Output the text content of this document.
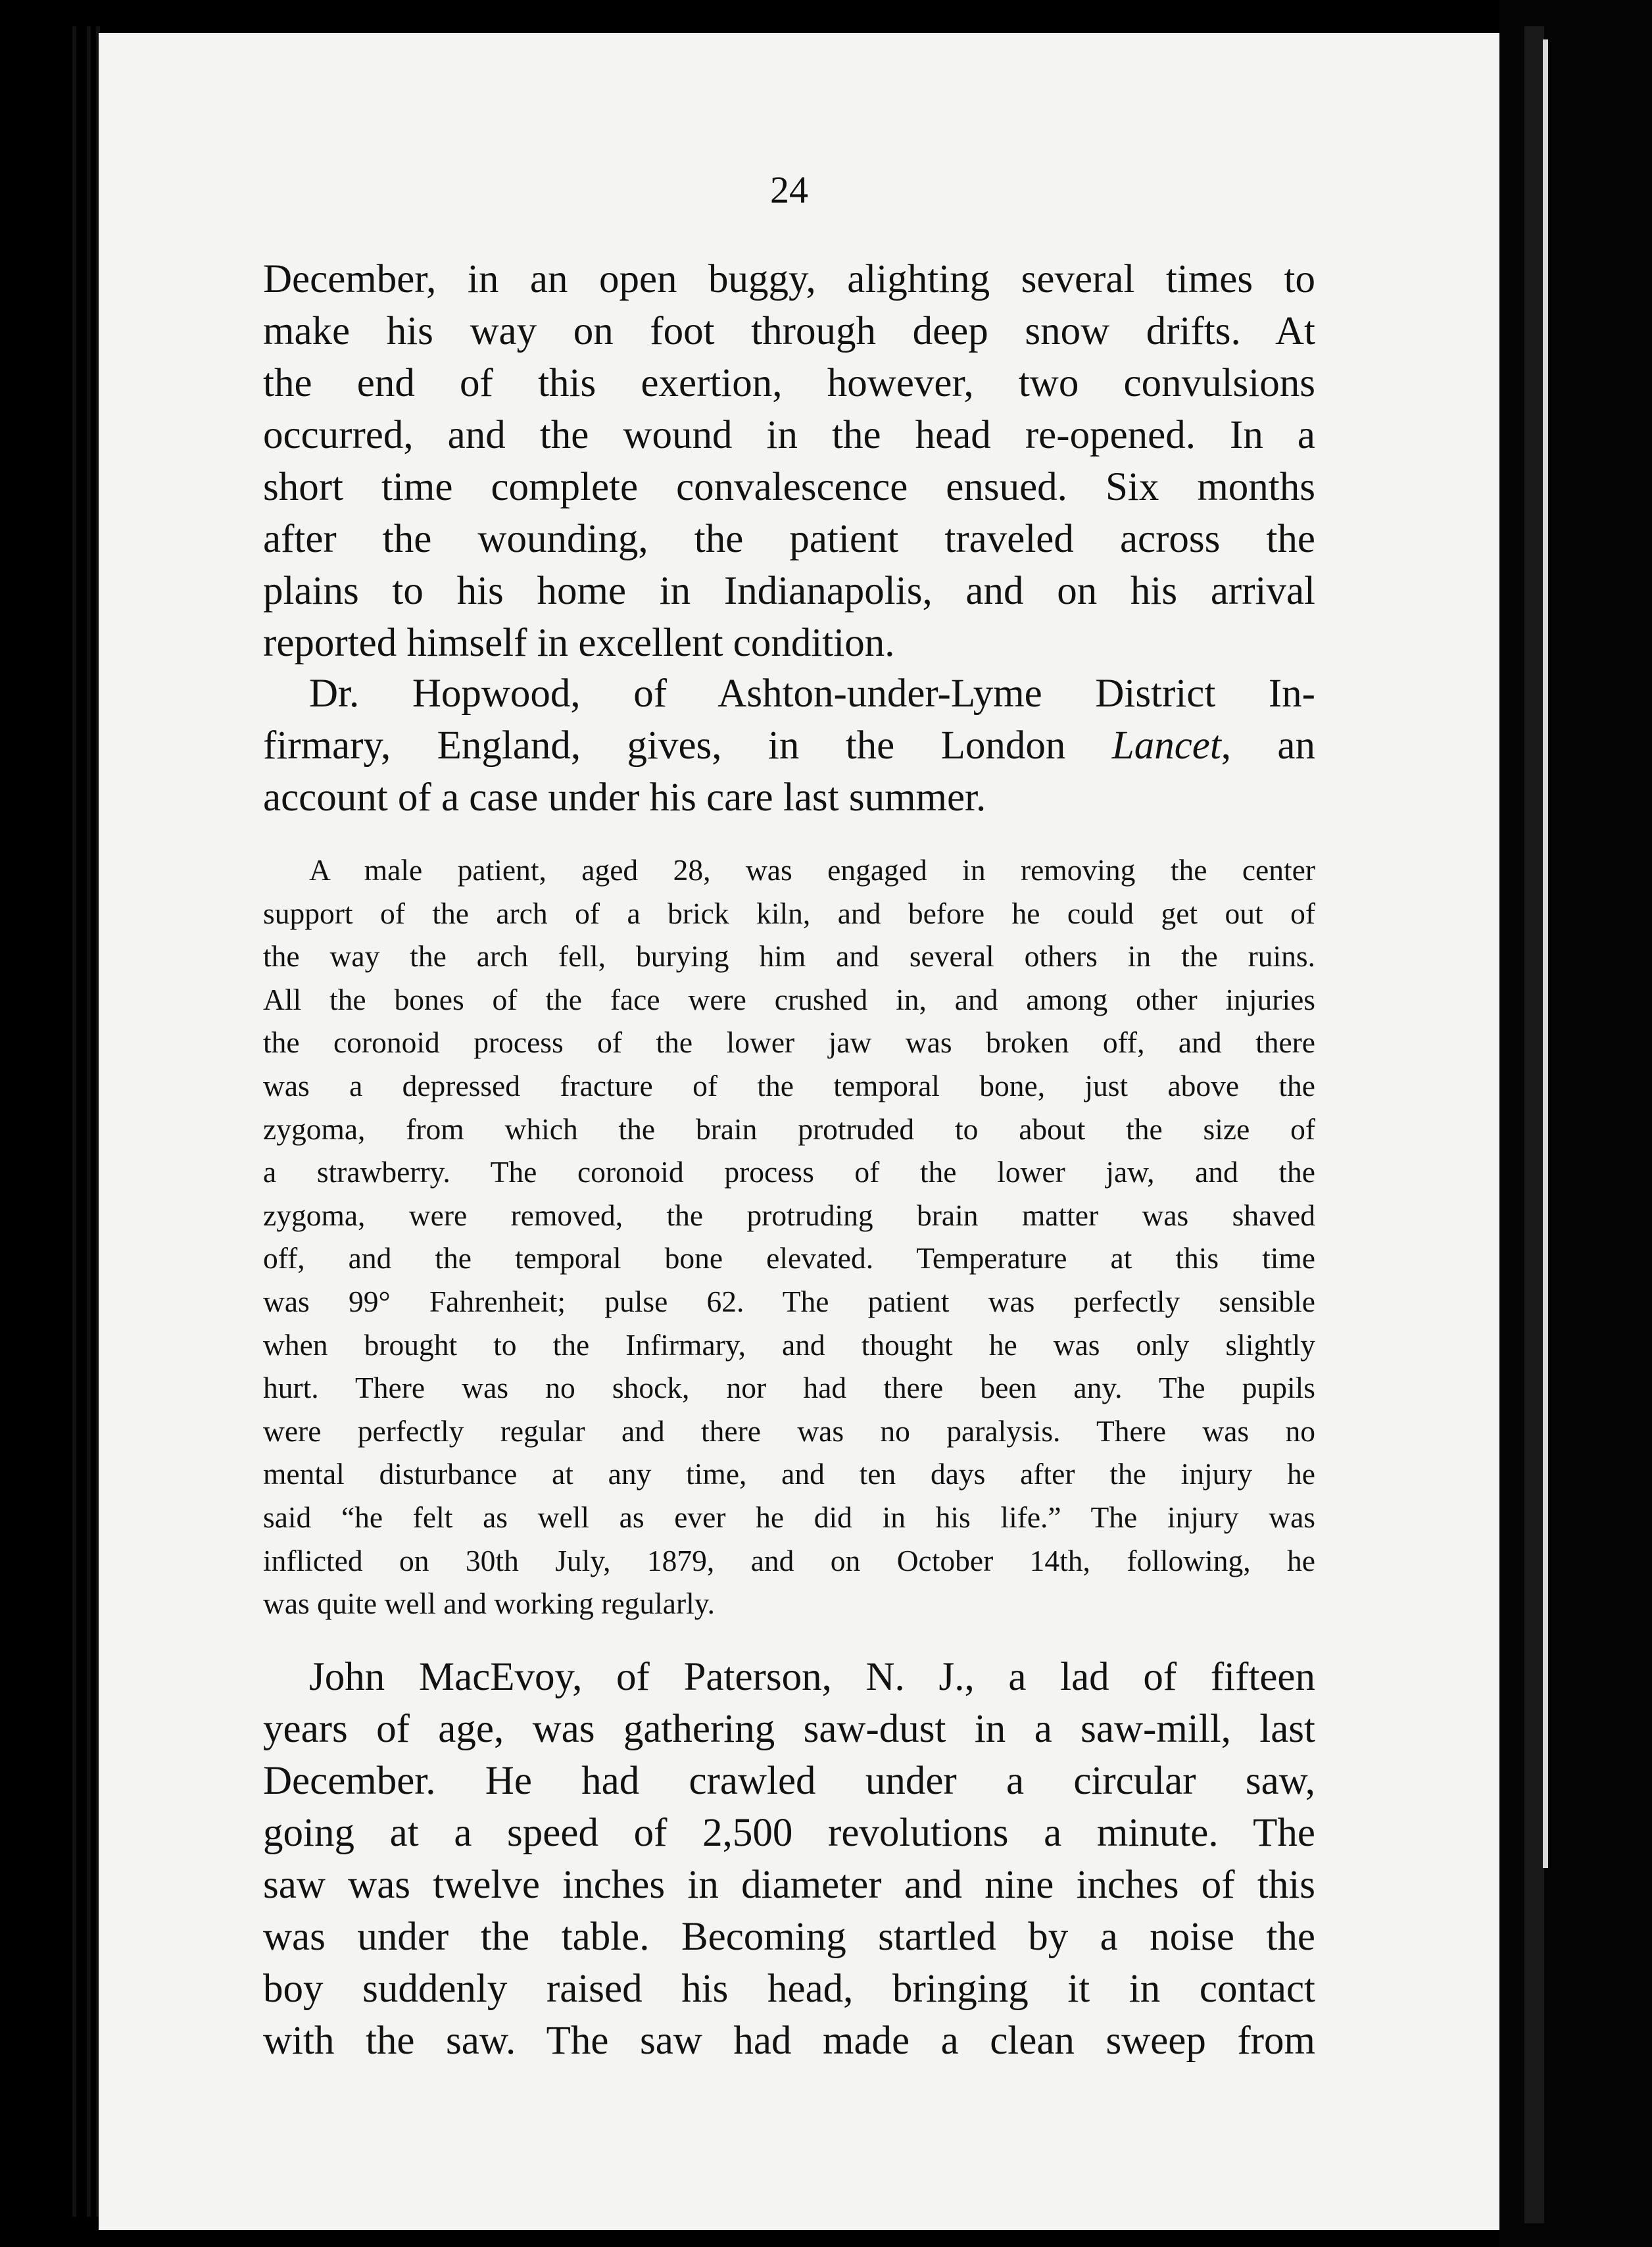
24

December, in an open buggy, alighting several times to

make his way on foot through deep snow drifts. At

the end of this exertion, however, two convulsions

occurred, and the wound in the head re-opened. In a

short time complete convalescence ensued. Six months

after the wounding, the patient traveled across the

plains to his home in Indianapolis, and on his arrival

reported himself in excellent condition.

Dr. Hopwood, of Ashton-under-Lyme District In-

firmary, England, gives, in the London Lancet, an

account of a case under his care last summer.

A male patient, aged 28, was engaged in removing the center

support of the arch of a brick kiln, and before he could get out of

the way the arch fell, burying him and several others in the ruins.

All the bones of the face were crushed in, and among other injuries

the coronoid process of the lower jaw was broken off, and there

was a depressed fracture of the temporal bone, just above the

zygoma, from which the brain protruded to about the size of

a strawberry. The coronoid process of the lower jaw, and the

zygoma, were removed, the protruding brain matter was shaved

off, and the temporal bone elevated. Temperature at this time

was 99° Fahrenheit; pulse 62. The patient was perfectly sensible

when brought to the Infirmary, and thought he was only slightly

hurt. There was no shock, nor had there been any. The pupils

were perfectly regular and there was no paralysis. There was no

mental disturbance at any time, and ten days after the injury he

said “he felt as well as ever he did in his life.” The injury was

inflicted on 30th July, 1879, and on October 14th, following, he

was quite well and working regularly.

John MacEvoy, of Paterson, N. J., a lad of fifteen

years of age, was gathering saw-dust in a saw-mill, last

December. He had crawled under a circular saw,

going at a speed of 2,500 revolutions a minute. The

saw was twelve inches in diameter and nine inches of this

was under the table. Becoming startled by a noise the

boy suddenly raised his head, bringing it in contact

with the saw. The saw had made a clean sweep from
